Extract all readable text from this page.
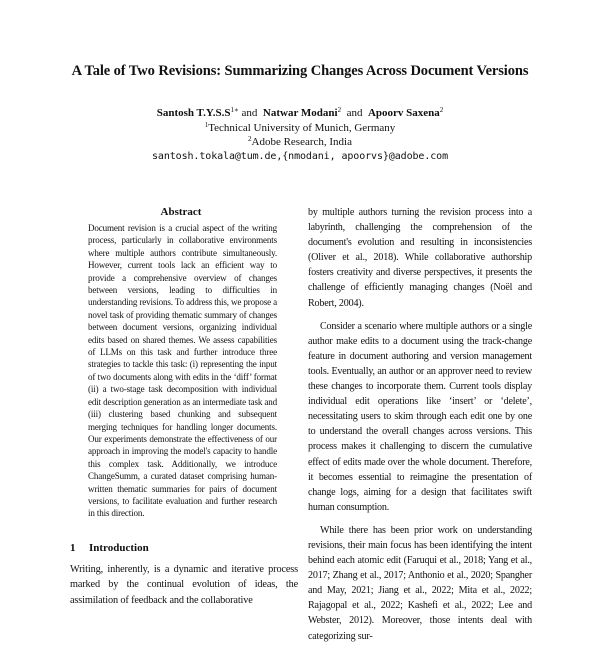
A Tale of Two Revisions: Summarizing Changes Across Document Versions
Santosh $T.Y.S.S^{1∗}$ and Natwar Modani$^2$ and Apoorv Saxena$^2$
$^1$Technical University of Munich, Germany
$^2$Adobe Research, India
santosh.tokala@tum.de,{nmodani, apoorvs}@adobe.com
Abstract
Document revision is a crucial aspect of the writing process, particularly in collaborative environments where multiple authors contribute simultaneously. However, current tools lack an efficient way to provide a comprehensive overview of changes between versions, leading to difficulties in understanding revisions. To address this, we propose a novel task of providing thematic summary of changes between document versions, organizing individual edits based on shared themes. We assess capabilities of LLMs on this task and further introduce three strategies to tackle this task: (i) representing the input of two documents along with edits in the ‘diff’ format (ii) a two-stage task decomposition with individual edit description generation as an intermediate task and (iii) clustering based chunking and subsequent merging techniques for handling longer documents. Our experiments demonstrate the effectiveness of our approach in improving the model's capacity to handle this complex task. Additionally, we introduce ChangeSumm, a curated dataset comprising human-written thematic summaries for pairs of document versions, to facilitate evaluation and further research in this direction.
1 Introduction
Writing, inherently, is a dynamic and iterative process marked by the continual evolution of ideas, the assimilation of feedback and the collaborative

by multiple authors turning the revision process into a labyrinth, challenging the comprehension of the document's evolution and resulting in inconsistencies (Oliver et al., 2018). While collaborative authorship fosters creativity and diverse perspectives, it presents the challenge of efficiently managing changes (Noël and Robert, 2004).

Consider a scenario where multiple authors or a single author make edits to a document using the track-change feature in document authoring and version management tools. Eventually, an author or an approver need to review these changes to incorporate them. Current tools display individual edit operations like ‘insert’ or ‘delete’, necessitating users to skim through each edit one by one to understand the overall changes across versions. This process makes it challenging to discern the cumulative effect of edits made over the whole document. Therefore, it becomes essential to reimagine the presentation of change logs, aiming for a design that facilitates swift human consumption.

While there has been prior work on understanding revisions, their main focus has been identifying the intent behind each atomic edit (Faruqui et al., 2018; Yang et al., 2017; Zhang et al., 2017; Anthonio et al., 2020; Spangher and May, 2021; Jiang et al., 2022; Mita et al., 2022; Rajagopal et al., 2022; Kashefi et al., 2022; Lee and Webster, 2012). Moreover, those intents deal with categorizing sur-
